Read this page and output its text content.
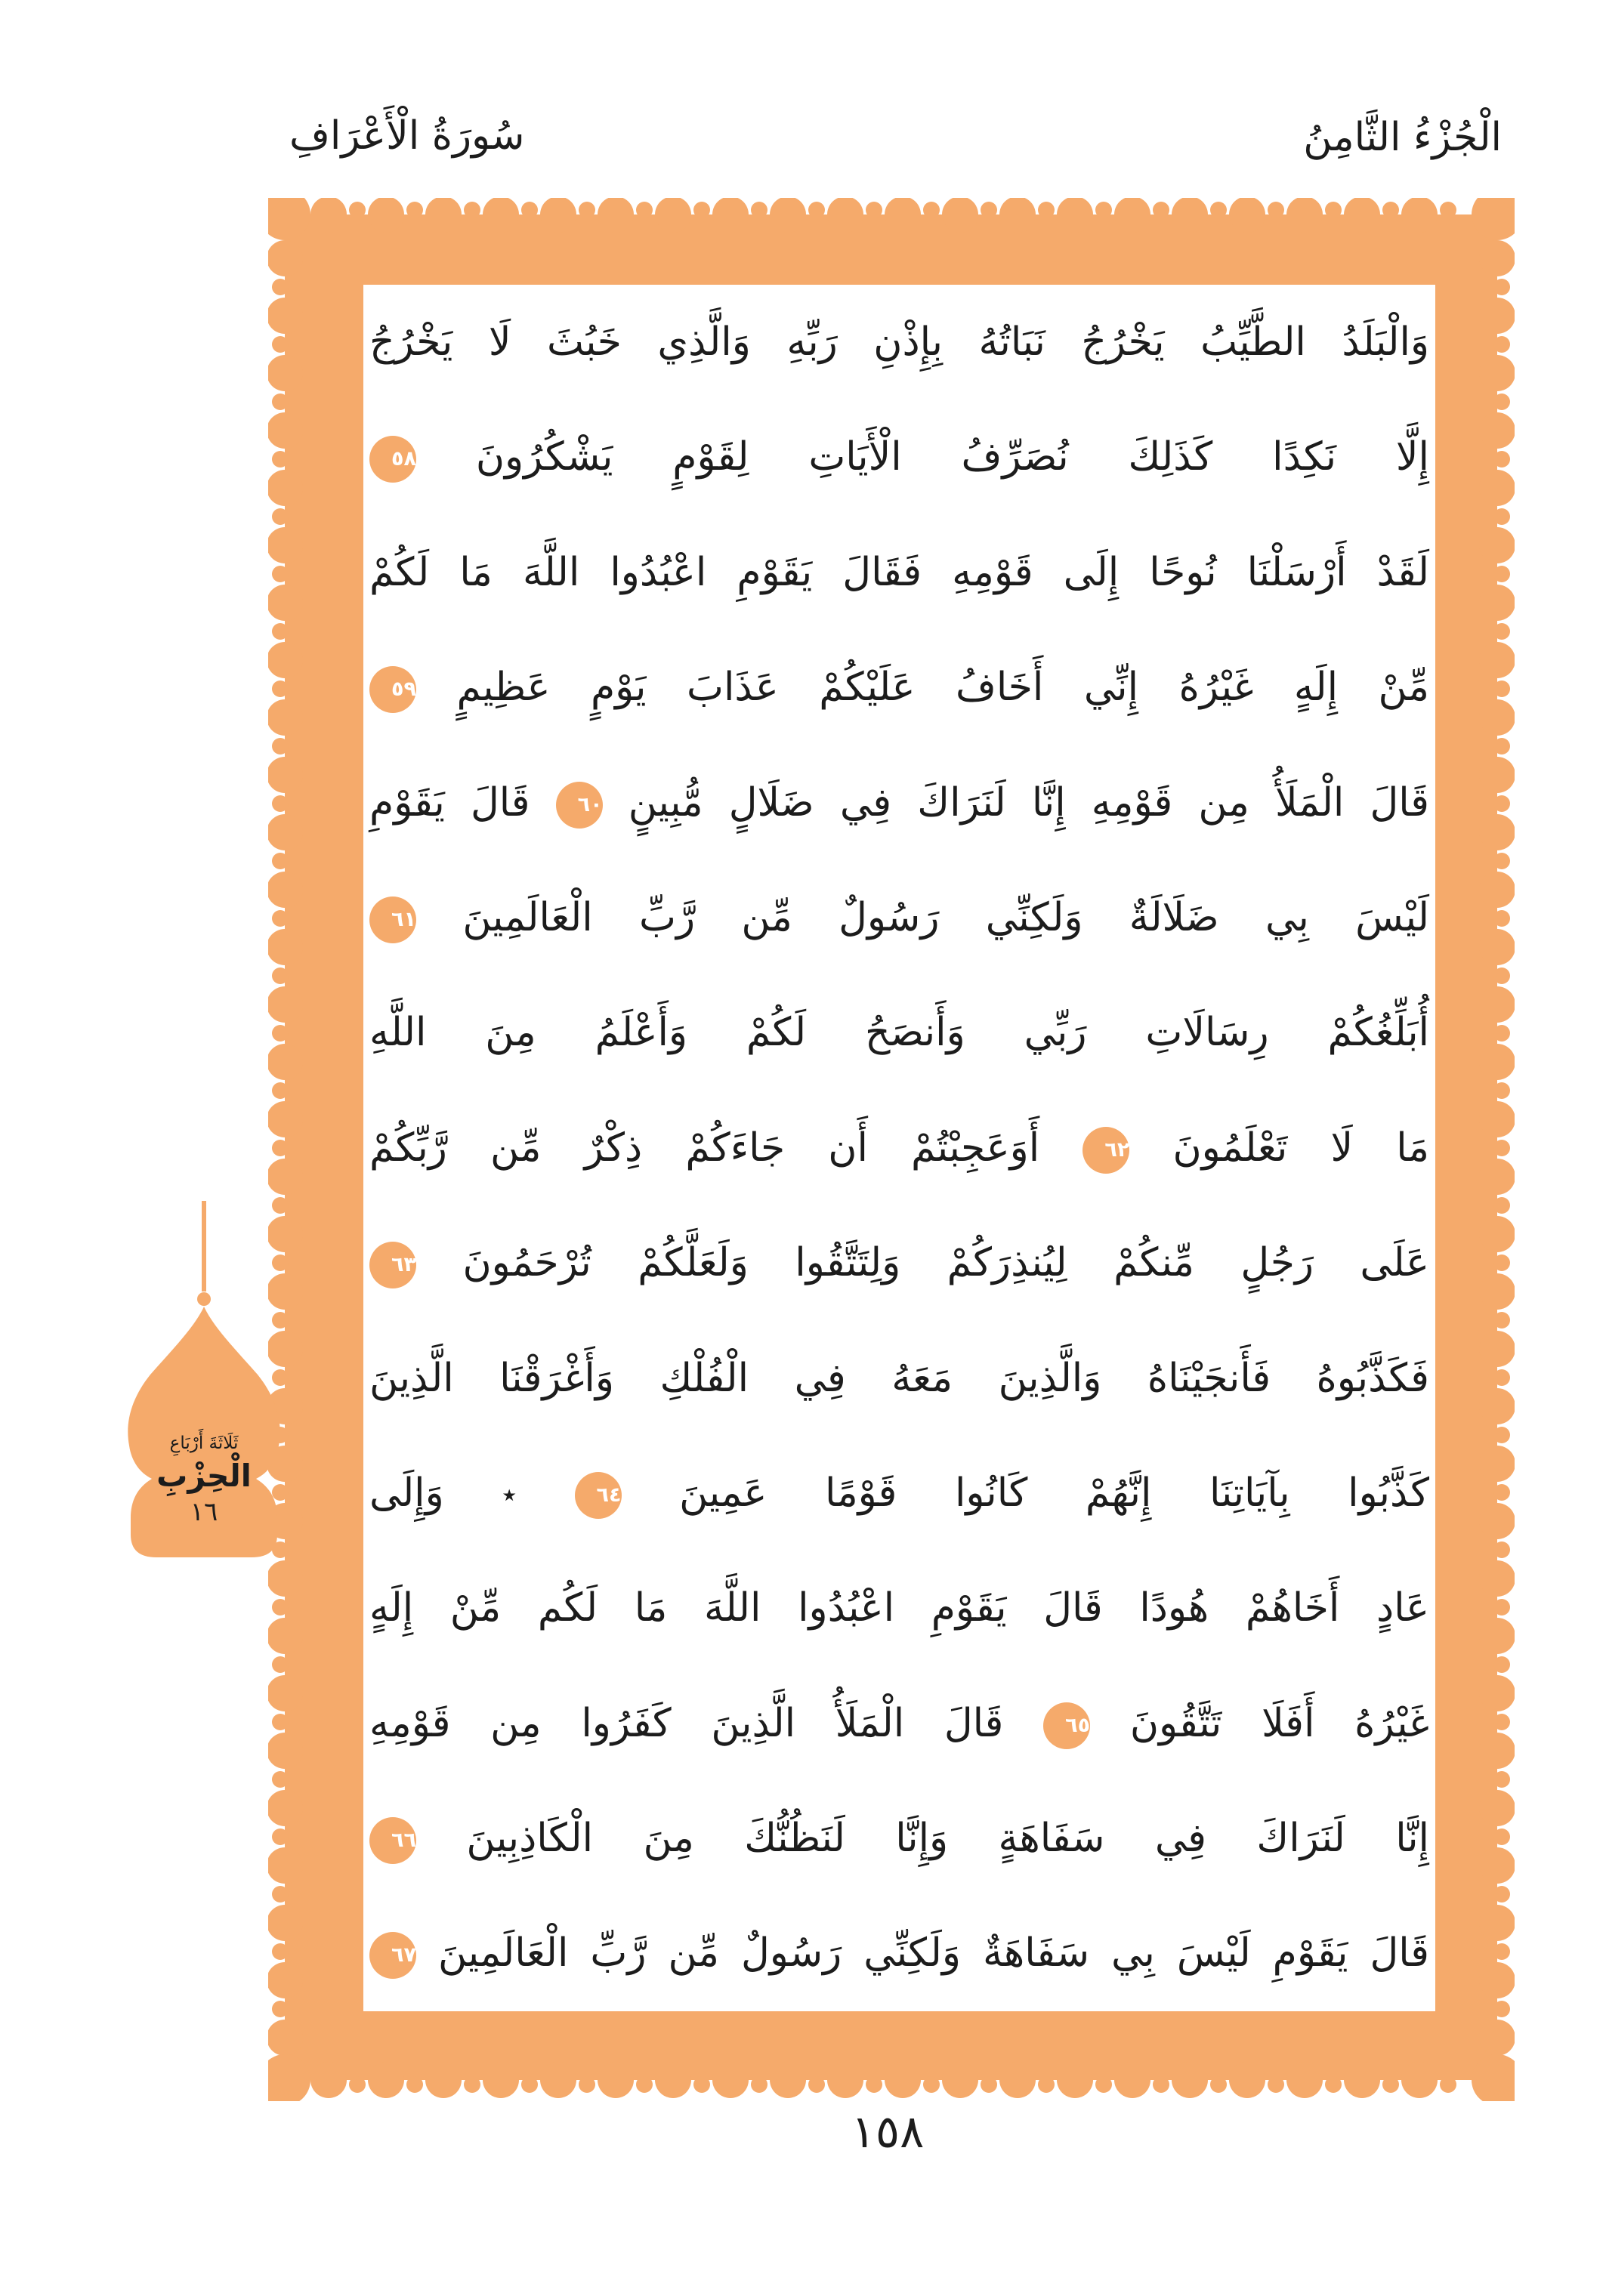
سُورَةُ الْأَعْرَافِ	الْجُزْءُ الثَّامِنُ
وَالْبَلَدُ الطَّيِّبُ يَخْرُجُ نَبَاتُهُ بِإِذْنِ رَبِّهِ وَالَّذِي خَبُثَ لَا يَخْرُجُ
إِلَّا نَكِدًا كَذَلِكَ نُصَرِّفُ الْأَيَاتِ لِقَوْمٍ يَشْكُرُونَ ٥٨
لَقَدْ أَرْسَلْنَا نُوحًا إِلَى قَوْمِهِ فَقَالَ يَقَوْمِ اعْبُدُوا اللَّهَ مَا لَكُمْ
مِّنْ إِلَهٍ غَيْرُهُ إِنِّي أَخَافُ عَلَيْكُمْ عَذَابَ يَوْمٍ عَظِيمٍ ٥٩
قَالَ الْمَلَأُ مِن قَوْمِهِ إِنَّا لَنَرَاكَ فِي ضَلَالٍ مُّبِينٍ ٦٠ قَالَ يَقَوْمِ
لَيْسَ بِي ضَلَالَةٌ وَلَكِنِّي رَسُولٌ مِّن رَّبِّ الْعَالَمِينَ ٦١
أُبَلِّغُكُمْ رِسَالَاتِ رَبِّي وَأَنصَحُ لَكُمْ وَأَعْلَمُ مِنَ اللَّهِ
مَا لَا تَعْلَمُونَ ٦٢ أَوَعَجِبْتُمْ أَن جَاءَكُمْ ذِكْرٌ مِّن رَّبِّكُمْ
عَلَى رَجُلٍ مِّنكُمْ لِيُنذِرَكُمْ وَلِتَتَّقُوا وَلَعَلَّكُمْ تُرْحَمُونَ ٦٣
فَكَذَّبُوهُ فَأَنجَيْنَاهُ وَالَّذِينَ مَعَهُ فِي الْفُلْكِ وَأَغْرَقْنَا الَّذِينَ
كَذَّبُوا بِآيَاتِنَا إِنَّهُمْ كَانُوا قَوْمًا عَمِينَ ٦٤ ٭ وَإِلَى
عَادٍ أَخَاهُمْ هُودًا قَالَ يَقَوْمِ اعْبُدُوا اللَّهَ مَا لَكُم مِّنْ إِلَهٍ
غَيْرُهُ أَفَلَا تَتَّقُونَ ٦٥ قَالَ الْمَلَأُ الَّذِينَ كَفَرُوا مِن قَوْمِهِ
إِنَّا لَنَرَاكَ فِي سَفَاهَةٍ وَإِنَّا لَنَظُنُّكَ مِنَ الْكَاذِبِينَ ٦٦
قَالَ يَقَوْمِ لَيْسَ بِي سَفَاهَةٌ وَلَكِنِّي رَسُولٌ مِّن رَّبِّ الْعَالَمِينَ ٦٧
ثَلَاثَةَ أَرْبَاعِ
الْحِزْبِ
١٦
١٥٨
